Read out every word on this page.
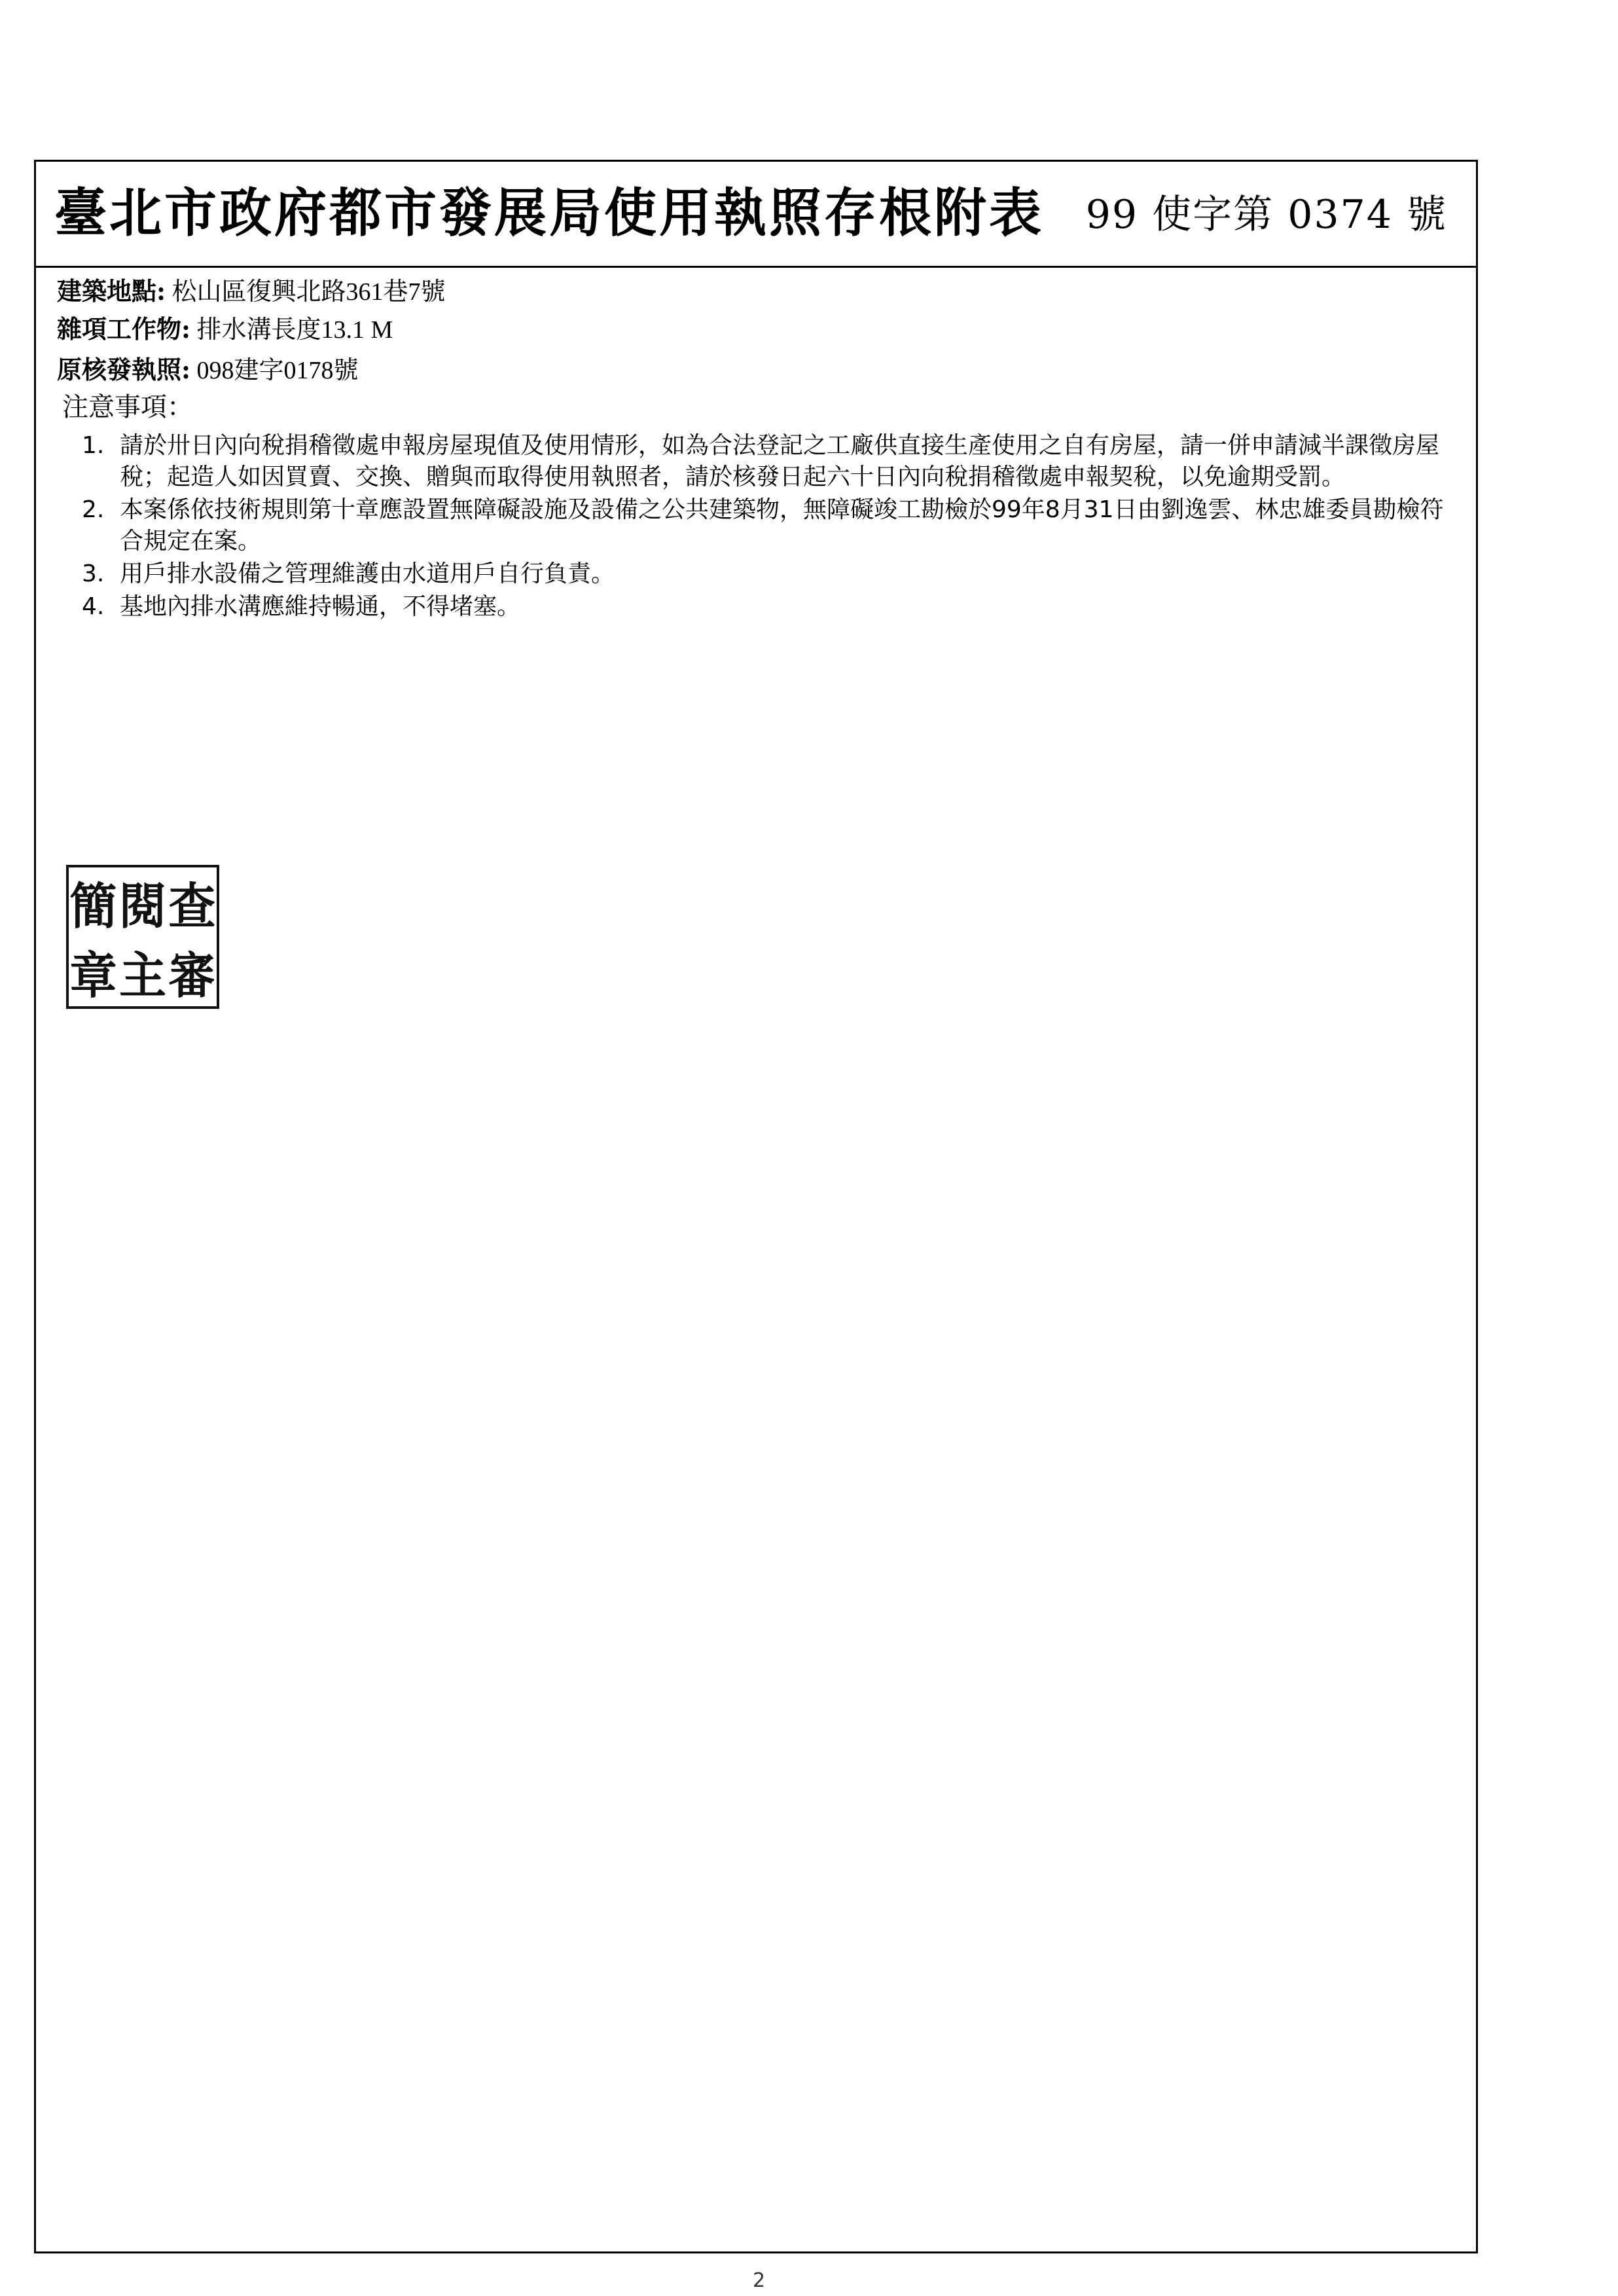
臺北市政府都市發展局使用執照存根附表 99 使字第 0374 號
建築地點: 松山區復興北路361巷7號
雜項工作物: 排水溝長度13.1 M
原核發執照: 098建字0178號
注意事項：
1. 請於卅日內向稅捐稽徵處申報房屋現值及使用情形，如為合法登記之工廠供直接生產使用之自有房屋，請一併申請減半課徵房屋稅；起造人如因買賣、交換、贈與而取得使用執照者，請於核發日起六十日內向稅捐稽徵處申報契稅，以免逾期受罰。
2. 本案係依技術規則第十章應設置無障礙設施及設備之公共建築物，無障礙竣工勘檢於99年8月31日由劉逸雲、林忠雄委員勘檢符合規定在案。
3. 用戶排水設備之管理維護由水道用戶自行負責。
4. 基地內排水溝應維持暢通，不得堵塞。
簡 閱 查
章 主 審
2
